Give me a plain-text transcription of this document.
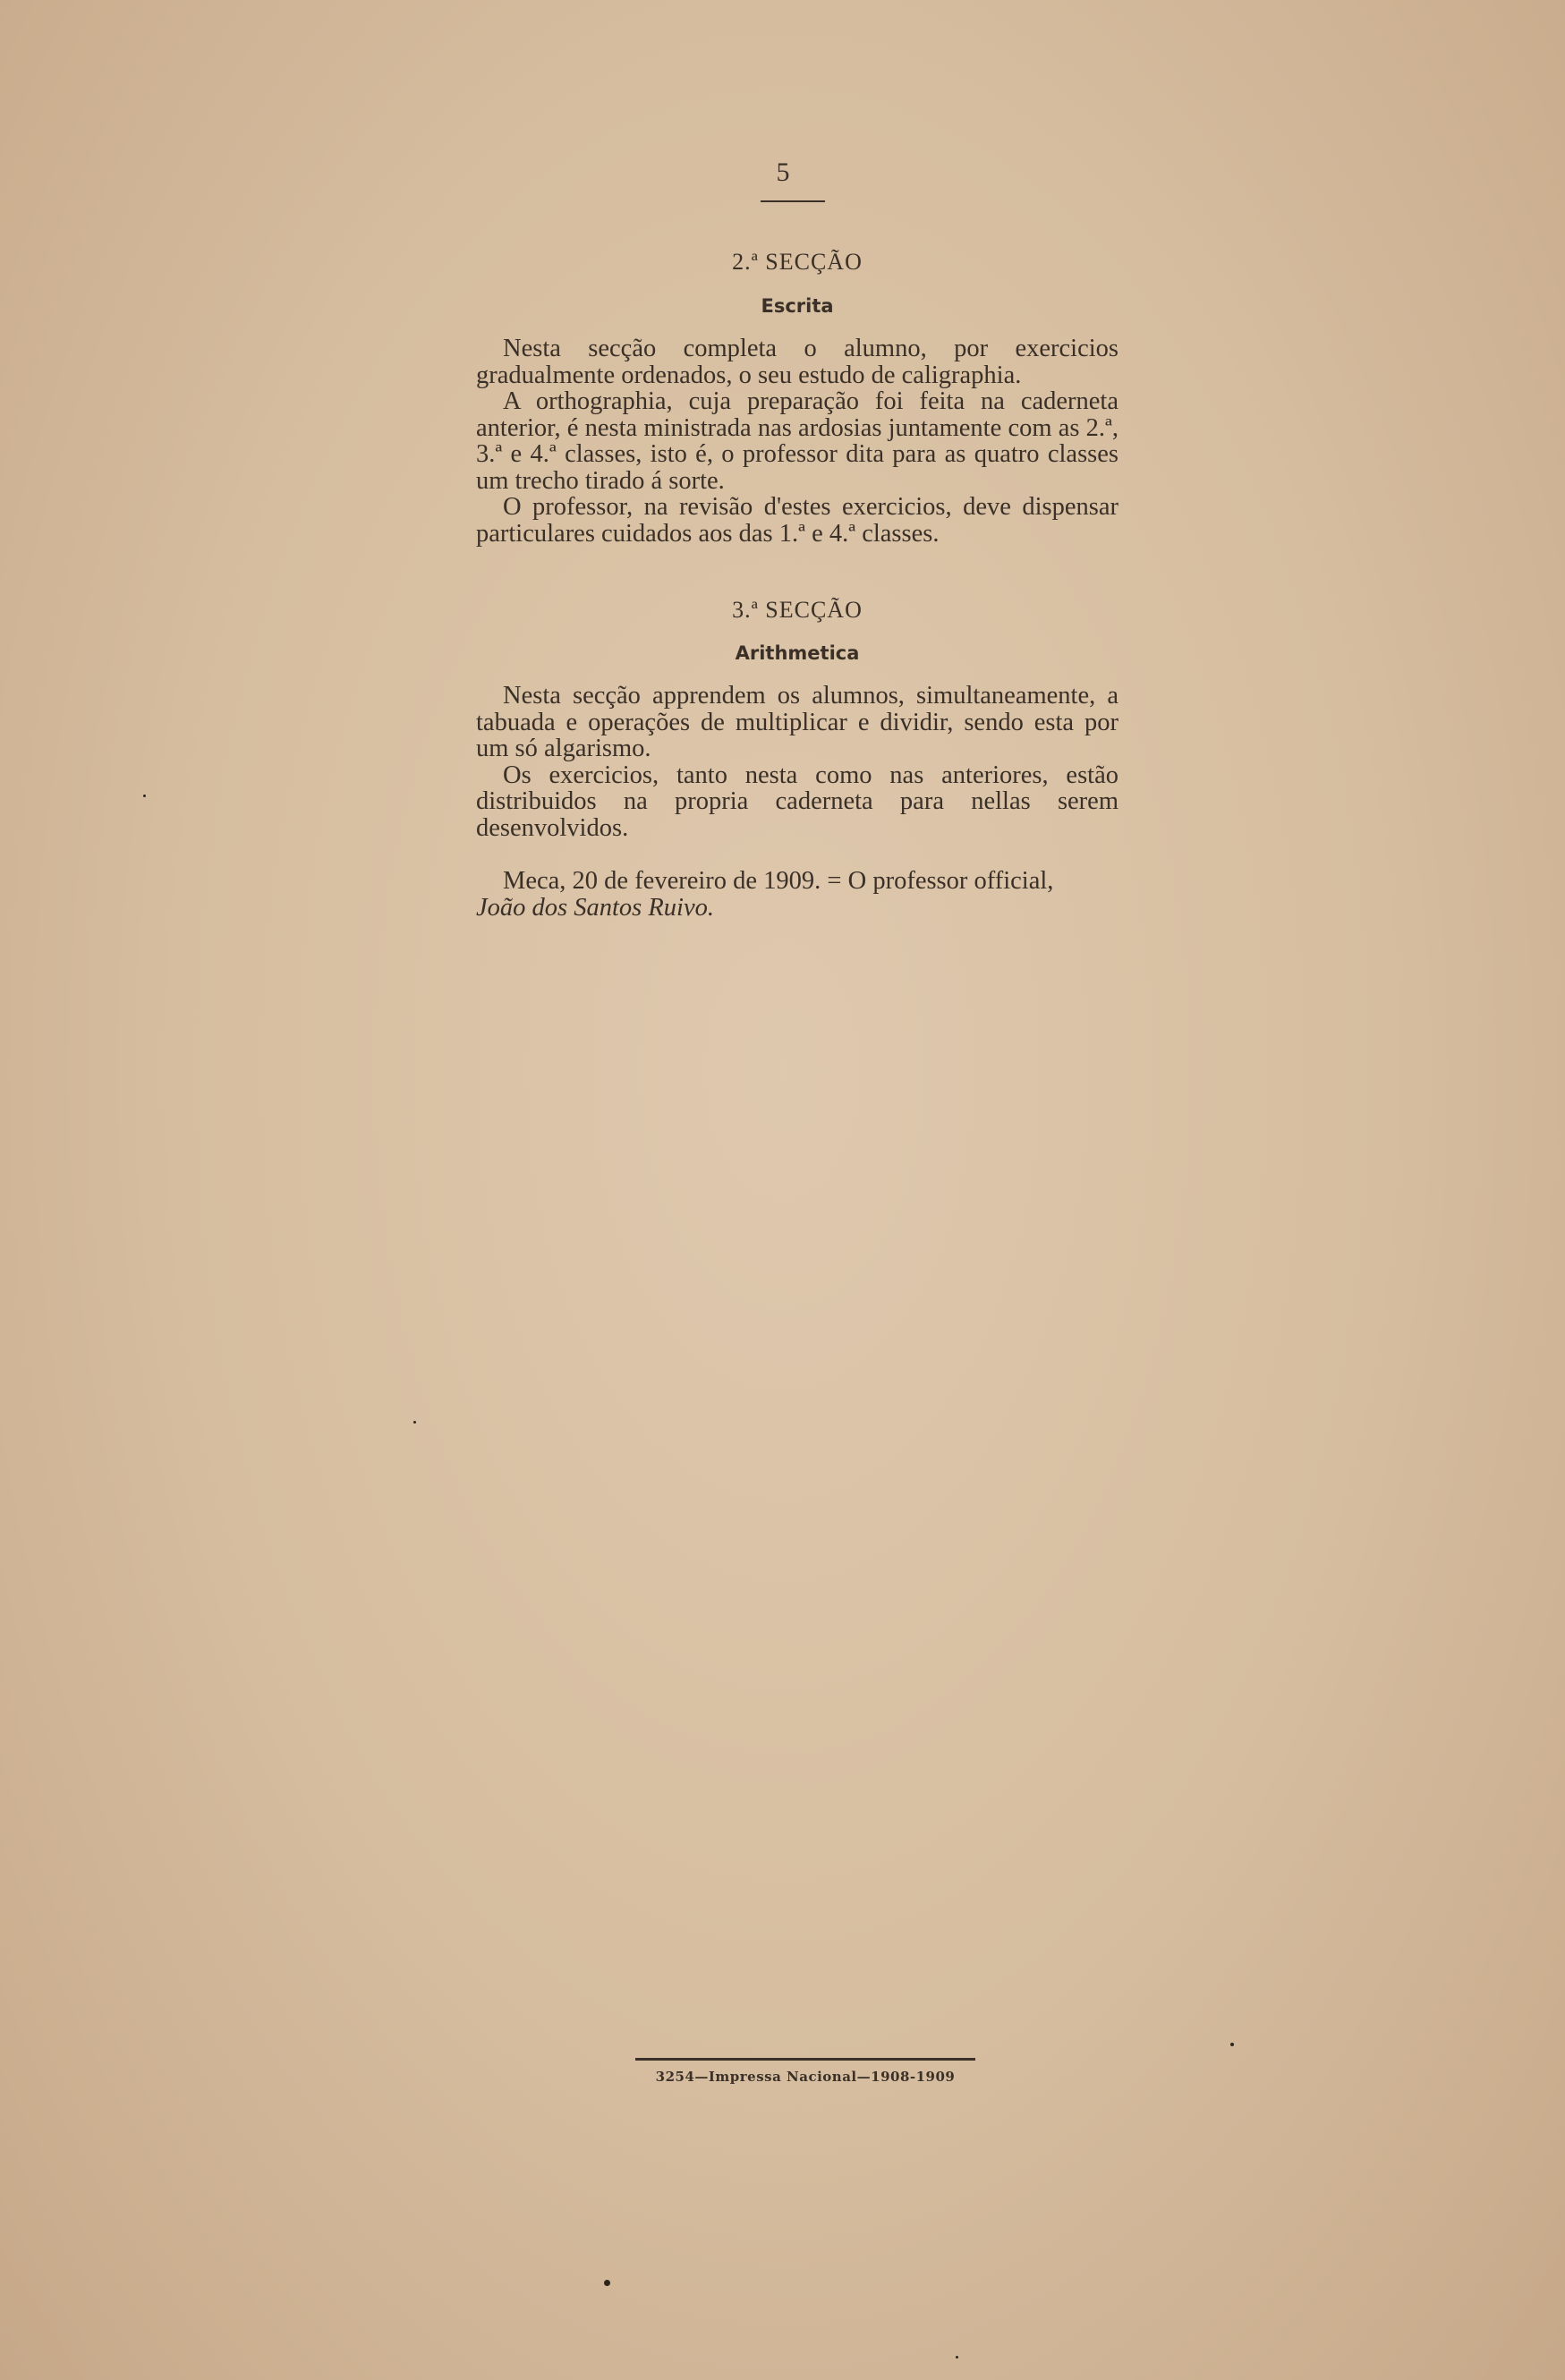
5
2.ª SECÇÃO
Escrita

Nesta secção completa o alumno, por exercicios gradualmente ordenados, o seu estudo de caligraphia.

A orthographia, cuja preparação foi feita na caderneta anterior, é nesta ministrada nas ardosias juntamente com as 2.ª, 3.ª e 4.ª classes, isto é, o professor dita para as quatro classes um trecho tirado á sorte.

O professor, na revisão d'estes exercicios, deve dispensar particulares cuidados aos das 1.ª e 4.ª classes.

3.ª SECÇÃO
Arithmetica

Nesta secção apprendem os alumnos, simultaneamente, a tabuada e operações de multiplicar e dividir, sendo esta por um só algarismo.

Os exercicios, tanto nesta como nas anteriores, estão distribuidos na propria caderneta para nellas serem desenvolvidos.

Meca, 20 de fevereiro de 1909. = O professor official,

João dos Santos Ruivo.

3254—Impressa Nacional—1908-1909
